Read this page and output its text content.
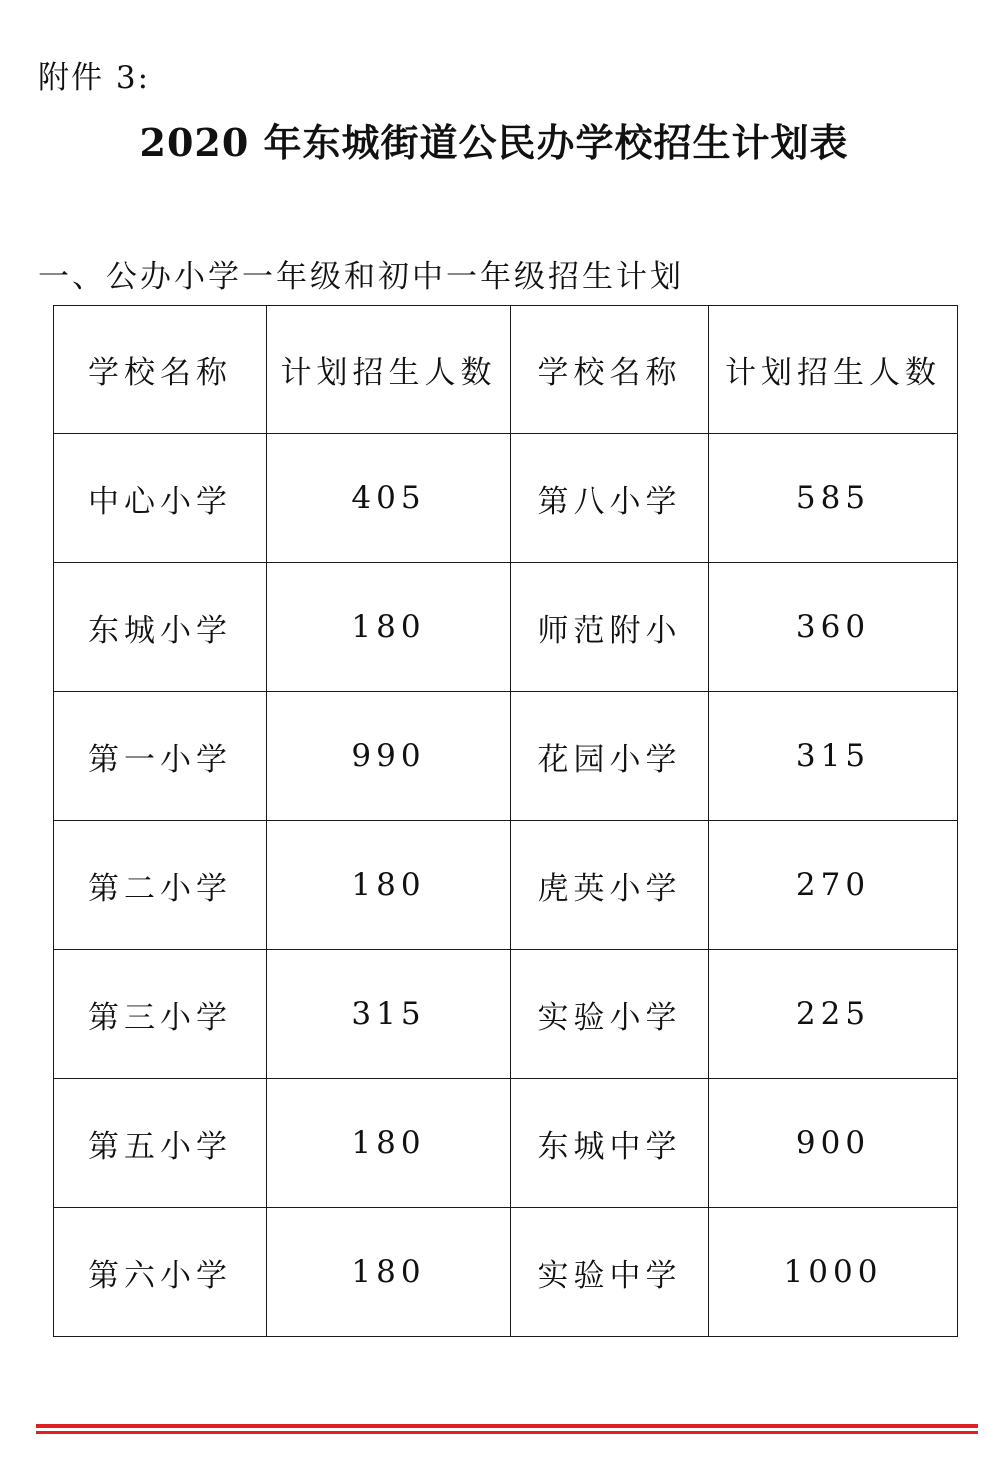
附件 3:
2020 年东城街道公民办学校招生计划表
一、公办小学一年级和初中一年级招生计划
学校名称	计划招生人数	学校名称	计划招生人数
中心小学	405	第八小学	585
东城小学	180	师范附小	360
第一小学	990	花园小学	315
第二小学	180	虎英小学	270
第三小学	315	实验小学	225
第五小学	180	东城中学	900
第六小学	180	实验中学	1000
